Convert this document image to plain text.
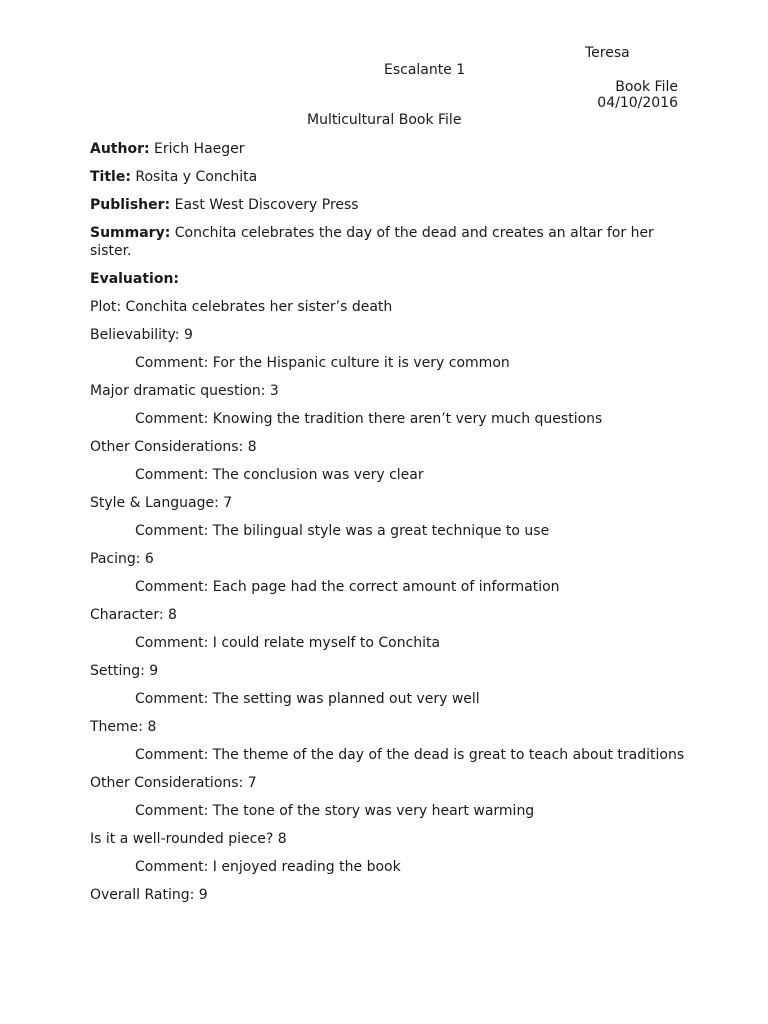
Teresa
Escalante 1
Book File
04/10/2016
Multicultural Book File

Author: Erich Haeger

Title: Rosita y Conchita

Publisher: East West Discovery Press

Summary: Conchita celebrates the day of the dead and creates an altar for her sister.

Evaluation:

Plot: Conchita celebrates her sister’s death

Believability: 9

Comment: For the Hispanic culture it is very common

Major dramatic question: 3

Comment: Knowing the tradition there aren’t very much questions

Other Considerations: 8

Comment: The conclusion was very clear

Style & Language: 7

Comment: The bilingual style was a great technique to use

Pacing: 6

Comment: Each page had the correct amount of information

Character: 8

Comment: I could relate myself to Conchita

Setting: 9

Comment: The setting was planned out very well

Theme: 8

Comment: The theme of the day of the dead is great to teach about traditions

Other Considerations: 7

Comment: The tone of the story was very heart warming

Is it a well-rounded piece? 8

Comment: I enjoyed reading the book

Overall Rating: 9
